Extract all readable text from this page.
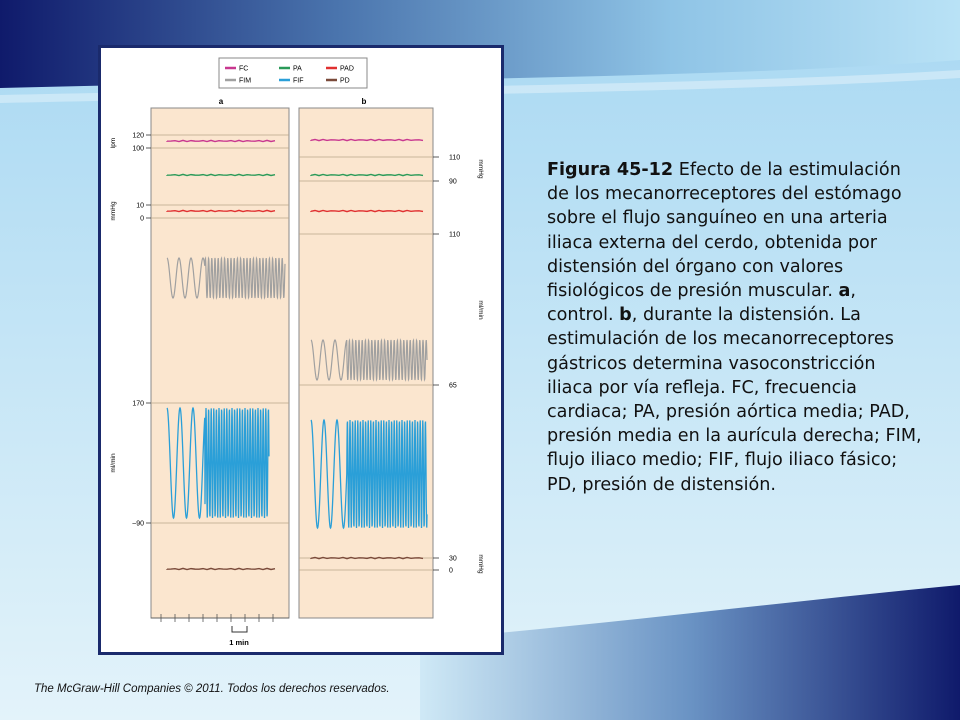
FC	PA	PAD
FIM	FIF	PD
a	b
120
100
lpm
10
0
mmHg
170
–90
ml/min
110
90
mmHg
110
65
ml/min
30
0	mmHg
1 min
Figura 45-12 Efecto de la estimulación de los mecanorreceptores del estómago sobre el flujo sanguíneo en una arteria iliaca externa del cerdo, obtenida por distensión del órgano con valores fisiológicos de presión muscular. a, control. b, durante la distensión. La estimulación de los mecanorreceptores gástricos determina vasoconstricción iliaca por vía refleja. FC, frecuencia cardiaca; PA, presión aórtica media; PAD, presión media en la aurícula derecha; FIM, flujo iliaco medio; FIF, flujo iliaco fásico; PD, presión de distensión.
The McGraw-Hill Companies © 2011. Todos los derechos reservados.
